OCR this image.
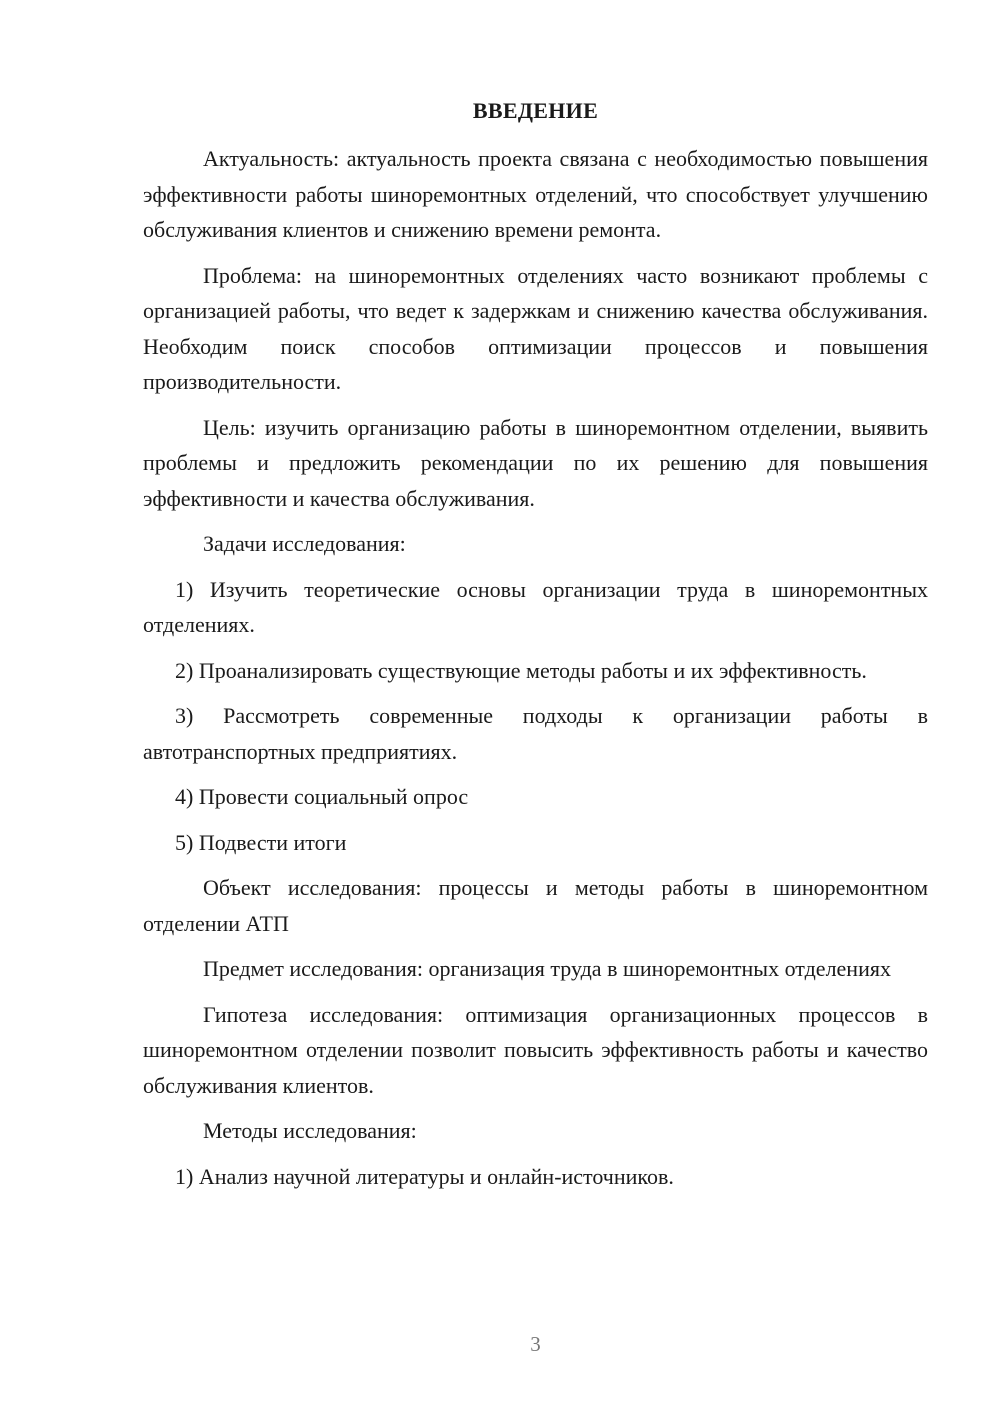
ВВЕДЕНИЕ

Актуальность: актуальность проекта связана с необходимостью повышения эффективности работы шиноремонтных отделений, что способствует улучшению обслуживания клиентов и снижению времени ремонта.

Проблема: на шиноремонтных отделениях часто возникают проблемы с организацией работы, что ведет к задержкам и снижению качества обслуживания. Необходим поиск способов оптимизации процессов и повышения производительности.

Цель: изучить организацию работы в шиноремонтном отделении, выявить проблемы и предложить рекомендации по их решению для повышения эффективности и качества обслуживания.

Задачи исследования:

1) Изучить теоретические основы организации труда в шиноремонтных отделениях.

2) Проанализировать существующие методы работы и их эффективность.

3) Рассмотреть современные подходы к организации работы в автотранспортных предприятиях.

4) Провести социальный опрос

5) Подвести итоги

Объект исследования: процессы и методы работы в шиноремонтном отделении АТП

Предмет исследования: организация труда в шиноремонтных отделениях

Гипотеза исследования: оптимизация организационных процессов в шиноремонтном отделении позволит повысить эффективность работы и качество обслуживания клиентов.

Методы исследования:

1) Анализ научной литературы и онлайн-источников.

3
